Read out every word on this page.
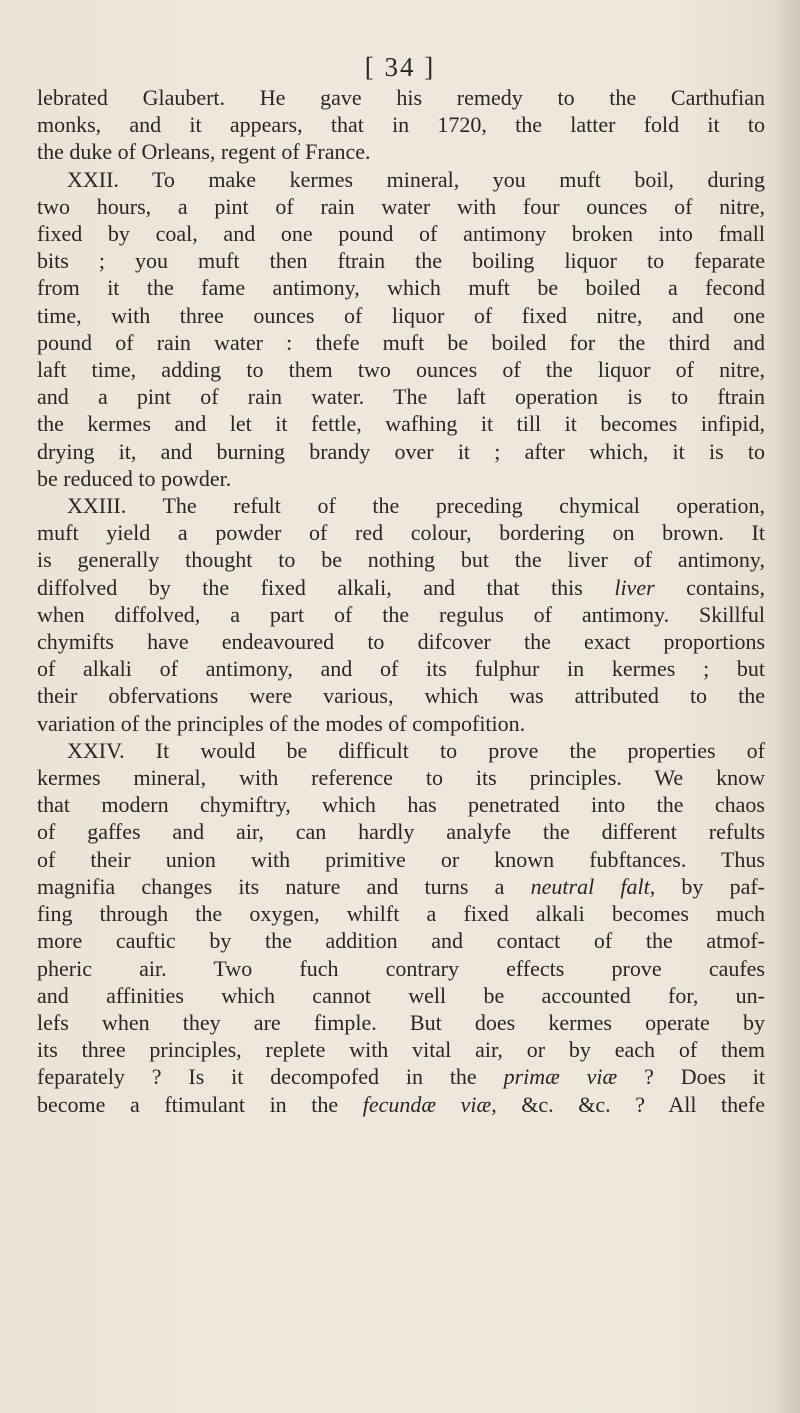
[ 34 ]
lebrated Glaubert. He gave his remedy to the Carthufian
monks, and it appears, that in 1720, the latter fold it to
the duke of Orleans, regent of France.
XXII. To make kermes mineral, you muft boil, during
two hours, a pint of rain water with four ounces of nitre,
fixed by coal, and one pound of antimony broken into fmall
bits ; you muft then ftrain the boiling liquor to feparate
from it the fame antimony, which muft be boiled a fecond
time, with three ounces of liquor of fixed nitre, and one
pound of rain water : thefe muft be boiled for the third and
laft time, adding to them two ounces of the liquor of nitre,
and a pint of rain water. The laft operation is to ftrain
the kermes and let it fettle, wafhing it till it becomes infipid,
drying it, and burning brandy over it ; after which, it is to
be reduced to powder.
XXIII. The refult of the preceding chymical operation,
muft yield a powder of red colour, bordering on brown. It
is generally thought to be nothing but the liver of antimony,
diffolved by the fixed alkali, and that this liver contains,
when diffolved, a part of the regulus of antimony. Skillful
chymifts have endeavoured to difcover the exact proportions
of alkali of antimony, and of its fulphur in kermes ; but
their obfervations were various, which was attributed to the
variation of the principles of the modes of compofition.
XXIV. It would be difficult to prove the properties of
kermes mineral, with reference to its principles. We know
that modern chymiftry, which has penetrated into the chaos
of gaffes and air, can hardly analyfe the different refults
of their union with primitive or known fubftances. Thus
magnifia changes its nature and turns a neutral falt, by paf-
fing through the oxygen, whilft a fixed alkali becomes much
more cauftic by the addition and contact of the atmof-
pheric air. Two fuch contrary effects prove caufes
and affinities which cannot well be accounted for, un-
lefs when they are fimple. But does kermes operate by
its three principles, replete with vital air, or by each of them
feparately ? Is it decompofed in the primæ viæ ? Does it
become a ftimulant in the fecundæ viæ, &c. &c. ? All thefe
